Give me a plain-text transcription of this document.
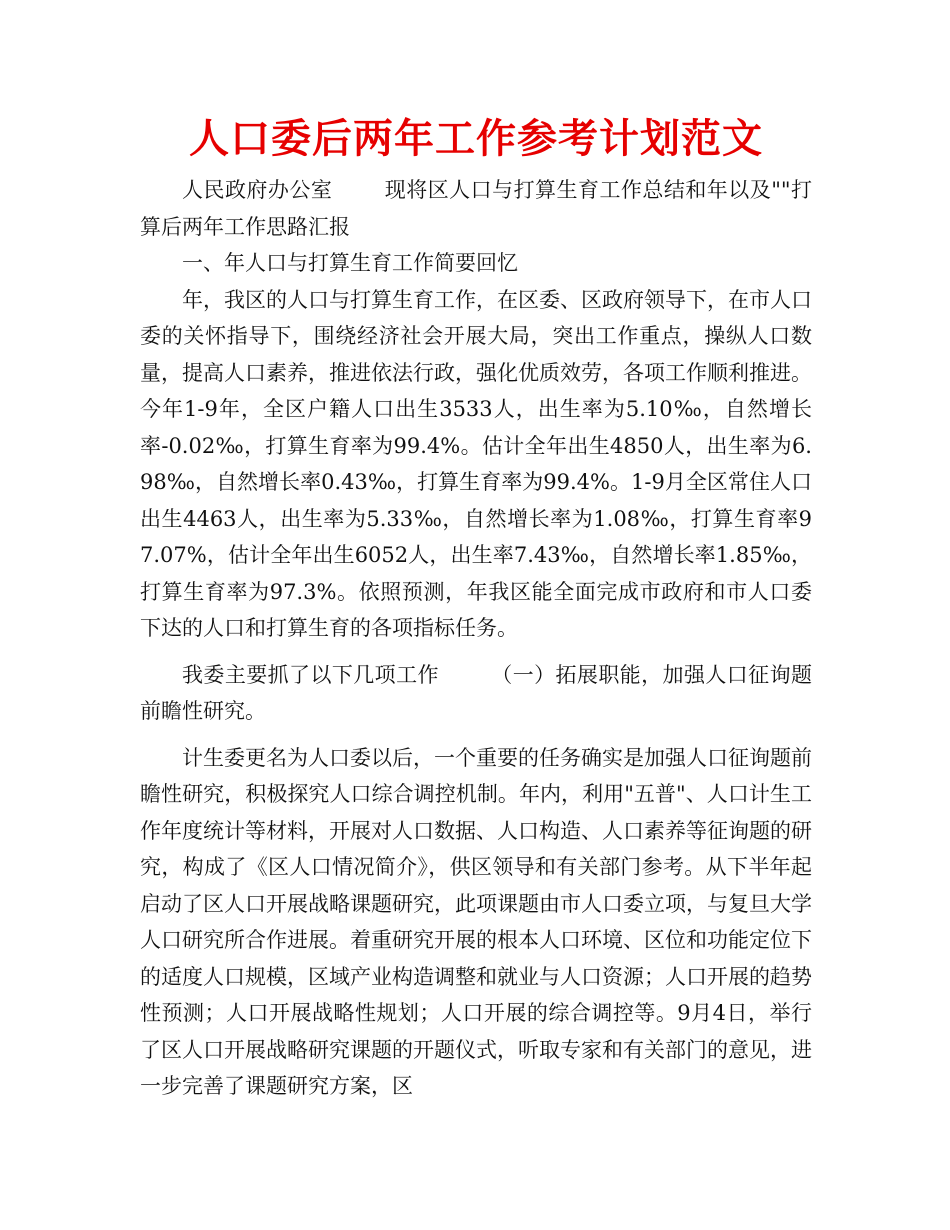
人口委后两年工作参考计划范文

人民政府办公室 现将区人口与打算生育工作总结和年以及""打算后两年工作思路汇报

一、年人口与打算生育工作简要回忆

年，我区的人口与打算生育工作，在区委、区政府领导下，在市人口委的关怀指导下，围绕经济社会开展大局，突出工作重点，操纵人口数量，提高人口素养，推进依法行政，强化优质效劳，各项工作顺利推进。今年1-9年，全区户籍人口出生3533人，出生率为5.10‰，自然增长率-0.02‰，打算生育率为99.4%。估计全年出生4850人，出生率为6.98‰，自然增长率0.43‰，打算生育率为99.4%。1-9月全区常住人口出生4463人，出生率为5.33‰，自然增长率为1.08‰，打算生育率97.07%，估计全年出生6052人，出生率7.43‰，自然增长率1.85‰，打算生育率为97.3%。依照预测，年我区能全面完成市政府和市人口委下达的人口和打算生育的各项指标任务。

我委主要抓了以下几项工作 （一）拓展职能，加强人口征询题前瞻性研究。

计生委更名为人口委以后，一个重要的任务确实是加强人口征询题前瞻性研究，积极探究人口综合调控机制。年内，利用"五普"、人口计生工作年度统计等材料，开展对人口数据、人口构造、人口素养等征询题的研究，构成了《区人口情况简介》，供区领导和有关部门参考。从下半年起启动了区人口开展战略课题研究，此项课题由市人口委立项，与复旦大学人口研究所合作进展。着重研究开展的根本人口环境、区位和功能定位下的适度人口规模，区域产业构造调整和就业与人口资源；人口开展的趋势性预测；人口开展战略性规划；人口开展的综合调控等。9月4日，举行了区人口开展战略研究课题的开题仪式，听取专家和有关部门的意见，进一步完善了课题研究方案，区
